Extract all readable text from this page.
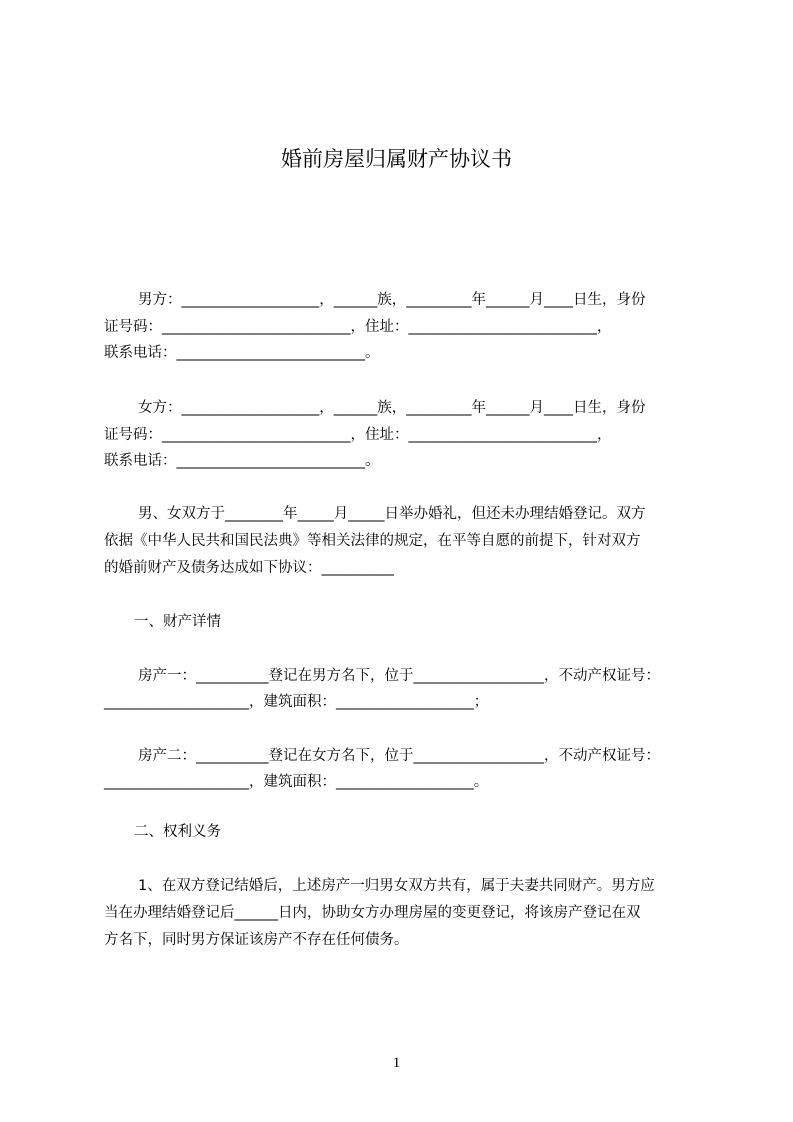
婚前房屋归属财产协议书
男方：___________________，______族，_________年______月____日生，身份
证号码：__________________________，住址：__________________________，
联系电话：__________________________。
女方：___________________，______族，_________年______月____日生，身份
证号码：__________________________，住址：__________________________，
联系电话：__________________________。
男、女双方于________年_____月_____日举办婚礼，但还未办理结婚登记。双方
依据《中华人民共和国民法典》等相关法律的规定，在平等自愿的前提下，针对双方
的婚前财产及债务达成如下协议：__________
一、财产详情
房产一：__________登记在男方名下，位于__________________，不动产权证号：
____________________，建筑面积：___________________；
房产二：__________登记在女方名下，位于__________________，不动产权证号：
____________________，建筑面积：___________________。
二、权利义务
1、在双方登记结婚后，上述房产一归男女双方共有，属于夫妻共同财产。男方应
当在办理结婚登记后______日内，协助女方办理房屋的变更登记，将该房产登记在双
方名下，同时男方保证该房产不存在任何债务。
1
